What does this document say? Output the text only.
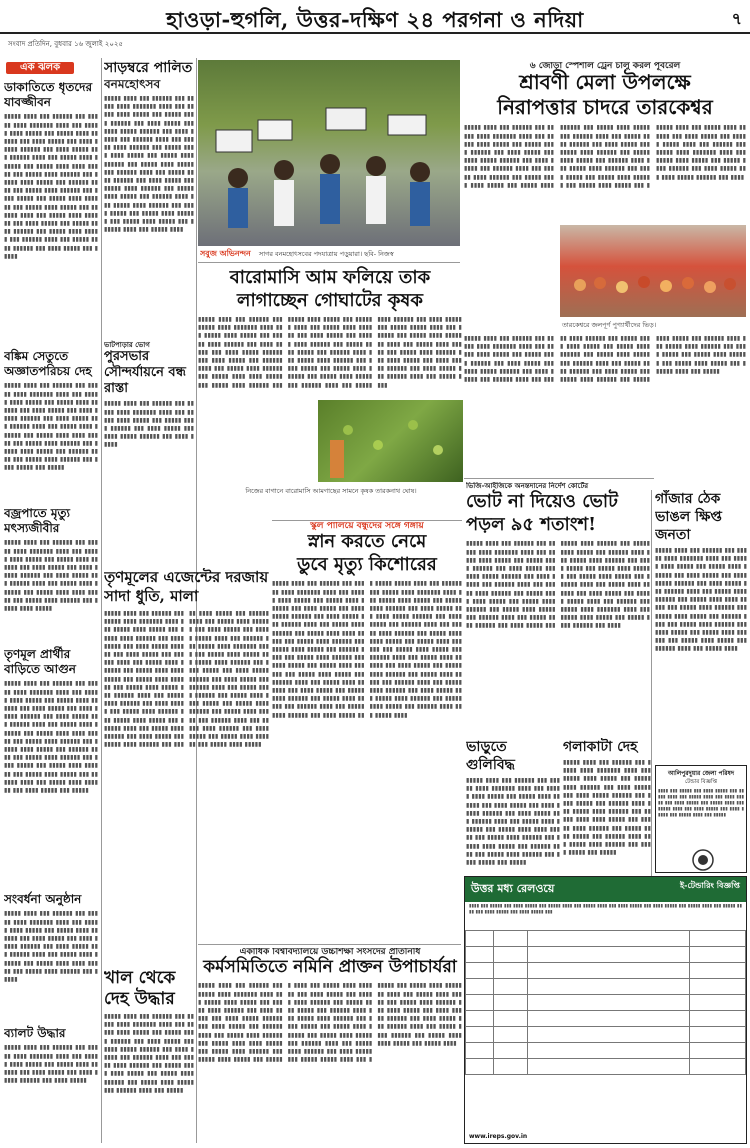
হাওড়া-হুগলি, উত্তর-দক্ষিণ ২৪ পরগনা ও নদিয়া	৭
সংবাদ প্রতিদিন, বুধবার ১৬ জুলাই ২০২৫
এক ঝলক
ডাকাতিতে ধৃতদের যাবজ্জীবন
▮▮▮▮▮ ▮▮▮▮ ▮▮▮ ▮▮▮▮▮▮ ▮▮▮ ▮▮▮▮▮ ▮▮▮▮ ▮▮▮▮▮▮▮ ▮▮▮▮ ▮▮▮ ▮▮▮▮▮ ▮▮▮▮ ▮▮▮▮▮ ▮▮▮ ▮▮▮▮▮ ▮▮▮▮ ▮▮▮▮▮▮ ▮▮▮ ▮▮▮▮ ▮▮▮▮▮ ▮▮▮ ▮▮▮▮ ▮▮▮▮▮ ▮▮▮▮▮▮ ▮▮▮ ▮▮▮▮ ▮▮▮▮▮ ▮▮▮ ▮▮▮▮▮▮ ▮▮▮▮ ▮▮▮ ▮▮▮▮▮ ▮▮▮▮ ▮▮▮▮▮▮ ▮▮▮ ▮▮▮▮▮ ▮▮▮▮ ▮▮▮▮ ▮▮▮▮▮ ▮▮▮ ▮▮▮▮▮ ▮▮▮▮ ▮▮▮▮▮▮ ▮▮▮ ▮▮▮▮▮ ▮▮▮▮ ▮▮▮▮▮ ▮▮▮ ▮▮▮▮▮▮ ▮▮▮▮ ▮▮▮ ▮▮▮▮▮ ▮▮▮▮ ▮▮▮▮▮▮ ▮▮▮ ▮▮▮▮ ▮▮▮▮▮ ▮▮▮ ▮▮▮▮▮ ▮▮▮▮ ▮▮▮▮▮▮ ▮▮▮ ▮▮▮▮▮ ▮▮▮▮ ▮▮▮▮▮ ▮▮▮ ▮▮▮▮▮▮ ▮▮▮▮ ▮▮▮ ▮▮▮▮▮ ▮▮▮▮ ▮▮▮▮▮▮ ▮▮▮ ▮▮▮▮ ▮▮▮▮▮ ▮▮▮ ▮▮▮▮▮ ▮▮▮▮ ▮▮▮▮▮▮ ▮▮▮ ▮▮▮▮▮ ▮▮▮▮ ▮▮▮▮▮ ▮▮▮ ▮▮▮▮▮▮ ▮▮▮▮ ▮▮▮ ▮▮▮▮▮ ▮▮▮▮ ▮▮▮▮▮▮ ▮▮▮ ▮▮▮▮ ▮▮▮▮▮ ▮▮▮ ▮▮▮▮▮
বঙ্কিম সেতুতে অজ্ঞাতপরিচয় দেহ
▮▮▮▮▮ ▮▮▮▮ ▮▮▮ ▮▮▮▮▮▮ ▮▮▮ ▮▮▮▮▮ ▮▮▮▮ ▮▮▮▮▮▮▮ ▮▮▮▮ ▮▮▮ ▮▮▮▮▮ ▮▮▮▮ ▮▮▮▮▮ ▮▮▮ ▮▮▮▮▮ ▮▮▮▮ ▮▮▮▮▮▮ ▮▮▮ ▮▮▮▮ ▮▮▮▮▮ ▮▮▮ ▮▮▮▮ ▮▮▮▮▮ ▮▮▮▮▮▮ ▮▮▮ ▮▮▮▮ ▮▮▮▮▮ ▮▮▮ ▮▮▮▮▮▮ ▮▮▮▮ ▮▮▮ ▮▮▮▮▮ ▮▮▮▮ ▮▮▮▮▮▮ ▮▮▮ ▮▮▮▮▮ ▮▮▮▮ ▮▮▮▮ ▮▮▮▮▮ ▮▮▮ ▮▮▮▮▮ ▮▮▮▮ ▮▮▮▮▮▮ ▮▮▮ ▮▮▮▮▮ ▮▮▮▮ ▮▮▮▮▮ ▮▮▮ ▮▮▮▮▮▮ ▮▮▮▮ ▮▮▮ ▮▮▮▮▮ ▮▮▮▮ ▮▮▮▮▮▮ ▮▮▮ ▮▮▮▮ ▮▮▮▮▮ ▮▮▮ ▮▮▮▮▮
বজ্রপাতে মৃত্যু মৎস্যজীবীর
▮▮▮▮▮ ▮▮▮▮ ▮▮▮ ▮▮▮▮▮▮ ▮▮▮ ▮▮▮▮▮ ▮▮▮▮ ▮▮▮▮▮▮▮ ▮▮▮▮ ▮▮▮ ▮▮▮▮▮ ▮▮▮▮ ▮▮▮▮▮ ▮▮▮ ▮▮▮▮▮ ▮▮▮▮ ▮▮▮▮▮▮ ▮▮▮ ▮▮▮▮ ▮▮▮▮▮ ▮▮▮ ▮▮▮▮ ▮▮▮▮▮ ▮▮▮▮▮▮ ▮▮▮ ▮▮▮▮ ▮▮▮▮▮ ▮▮▮ ▮▮▮▮▮▮ ▮▮▮▮ ▮▮▮ ▮▮▮▮▮ ▮▮▮▮ ▮▮▮▮▮▮ ▮▮▮ ▮▮▮▮▮ ▮▮▮▮ ▮▮▮▮ ▮▮▮▮▮ ▮▮▮ ▮▮▮▮▮ ▮▮▮▮ ▮▮▮▮▮▮ ▮▮▮ ▮▮▮▮▮ ▮▮▮▮ ▮▮▮▮▮
তৃণমূল প্রার্থীর বাড়িতে আগুন
▮▮▮▮▮ ▮▮▮▮ ▮▮▮ ▮▮▮▮▮▮ ▮▮▮ ▮▮▮▮▮ ▮▮▮▮ ▮▮▮▮▮▮▮ ▮▮▮▮ ▮▮▮ ▮▮▮▮▮ ▮▮▮▮ ▮▮▮▮▮ ▮▮▮ ▮▮▮▮▮ ▮▮▮▮ ▮▮▮▮▮▮ ▮▮▮ ▮▮▮▮ ▮▮▮▮▮ ▮▮▮ ▮▮▮▮ ▮▮▮▮▮ ▮▮▮▮▮▮ ▮▮▮ ▮▮▮▮ ▮▮▮▮▮ ▮▮▮ ▮▮▮▮▮▮ ▮▮▮▮ ▮▮▮ ▮▮▮▮▮ ▮▮▮▮ ▮▮▮▮▮▮ ▮▮▮ ▮▮▮▮▮ ▮▮▮▮ ▮▮▮▮ ▮▮▮▮▮ ▮▮▮ ▮▮▮▮▮ ▮▮▮▮ ▮▮▮▮▮▮ ▮▮▮ ▮▮▮▮▮ ▮▮▮▮ ▮▮▮▮▮ ▮▮▮ ▮▮▮▮▮▮ ▮▮▮▮ ▮▮▮ ▮▮▮▮▮ ▮▮▮▮ ▮▮▮▮▮▮ ▮▮▮ ▮▮▮▮ ▮▮▮▮▮ ▮▮▮ ▮▮▮▮▮ ▮▮▮▮ ▮▮▮▮▮▮ ▮▮▮ ▮▮▮▮▮ ▮▮▮▮ ▮▮▮▮▮ ▮▮▮ ▮▮▮▮▮▮ ▮▮▮▮ ▮▮▮ ▮▮▮▮▮ ▮▮▮▮ ▮▮▮▮▮▮ ▮▮▮ ▮▮▮▮ ▮▮▮▮▮ ▮▮▮ ▮▮▮▮▮
সংবর্ধনা অনুষ্ঠান
▮▮▮▮▮ ▮▮▮▮ ▮▮▮ ▮▮▮▮▮▮ ▮▮▮ ▮▮▮▮▮ ▮▮▮▮ ▮▮▮▮▮▮▮ ▮▮▮▮ ▮▮▮ ▮▮▮▮▮ ▮▮▮▮ ▮▮▮▮▮ ▮▮▮ ▮▮▮▮▮ ▮▮▮▮ ▮▮▮▮▮▮ ▮▮▮ ▮▮▮▮ ▮▮▮▮▮ ▮▮▮ ▮▮▮▮ ▮▮▮▮▮ ▮▮▮▮▮▮ ▮▮▮ ▮▮▮▮ ▮▮▮▮▮ ▮▮▮ ▮▮▮▮▮▮ ▮▮▮▮ ▮▮▮ ▮▮▮▮▮ ▮▮▮▮ ▮▮▮▮▮▮ ▮▮▮ ▮▮▮▮▮ ▮▮▮▮ ▮▮▮▮ ▮▮▮▮▮ ▮▮▮ ▮▮▮▮▮ ▮▮▮▮ ▮▮▮▮▮▮ ▮▮▮ ▮▮▮▮▮
ব্যালট উদ্ধার
▮▮▮▮▮ ▮▮▮▮ ▮▮▮ ▮▮▮▮▮▮ ▮▮▮ ▮▮▮▮▮ ▮▮▮▮ ▮▮▮▮▮▮▮ ▮▮▮▮ ▮▮▮ ▮▮▮▮▮ ▮▮▮▮ ▮▮▮▮▮ ▮▮▮ ▮▮▮▮▮ ▮▮▮▮ ▮▮▮▮▮▮ ▮▮▮ ▮▮▮▮ ▮▮▮▮▮ ▮▮▮ ▮▮▮▮ ▮▮▮▮▮ ▮▮▮▮▮▮ ▮▮▮ ▮▮▮▮ ▮▮▮▮▮
সাড়ম্বরে পালিত
বনমহোৎসব
▮▮▮▮▮ ▮▮▮▮ ▮▮▮ ▮▮▮▮▮▮ ▮▮▮ ▮▮▮▮▮ ▮▮▮▮ ▮▮▮▮▮▮▮ ▮▮▮▮ ▮▮▮ ▮▮▮▮▮ ▮▮▮▮ ▮▮▮▮▮ ▮▮▮ ▮▮▮▮▮ ▮▮▮▮ ▮▮▮▮▮▮ ▮▮▮ ▮▮▮▮ ▮▮▮▮▮ ▮▮▮ ▮▮▮▮ ▮▮▮▮▮ ▮▮▮▮▮▮ ▮▮▮ ▮▮▮▮ ▮▮▮▮▮ ▮▮▮ ▮▮▮▮▮▮ ▮▮▮▮ ▮▮▮ ▮▮▮▮▮ ▮▮▮▮ ▮▮▮▮▮▮ ▮▮▮ ▮▮▮▮▮ ▮▮▮▮ ▮▮▮▮ ▮▮▮▮▮ ▮▮▮ ▮▮▮▮▮ ▮▮▮▮ ▮▮▮▮▮▮ ▮▮▮ ▮▮▮▮▮ ▮▮▮▮ ▮▮▮▮▮ ▮▮▮ ▮▮▮▮▮▮ ▮▮▮▮ ▮▮▮ ▮▮▮▮▮ ▮▮▮▮ ▮▮▮▮▮▮ ▮▮▮ ▮▮▮▮ ▮▮▮▮▮ ▮▮▮ ▮▮▮▮▮ ▮▮▮▮ ▮▮▮▮▮▮ ▮▮▮ ▮▮▮▮▮ ▮▮▮▮ ▮▮▮▮▮ ▮▮▮ ▮▮▮▮▮▮ ▮▮▮▮ ▮▮▮ ▮▮▮▮▮ ▮▮▮▮ ▮▮▮▮▮▮ ▮▮▮ ▮▮▮▮ ▮▮▮▮▮ ▮▮▮ ▮▮▮▮▮ ▮▮▮▮ ▮▮▮▮▮▮ ▮▮▮ ▮▮▮▮▮ ▮▮▮▮ ▮▮▮▮▮ ▮▮▮ ▮▮▮▮▮▮ ▮▮▮▮ ▮▮▮ ▮▮▮▮▮ ▮▮▮▮
ভাটপাড়ার ভোগ
পুরসভার সৌন্দর্যায়নে বন্ধ রাস্তা
▮▮▮▮▮ ▮▮▮▮ ▮▮▮ ▮▮▮▮▮▮ ▮▮▮ ▮▮▮▮▮ ▮▮▮▮ ▮▮▮▮▮▮▮ ▮▮▮▮ ▮▮▮ ▮▮▮▮▮ ▮▮▮▮ ▮▮▮▮▮ ▮▮▮ ▮▮▮▮▮ ▮▮▮▮ ▮▮▮▮▮▮ ▮▮▮ ▮▮▮▮ ▮▮▮▮▮ ▮▮▮ ▮▮▮▮ ▮▮▮▮▮ ▮▮▮▮▮▮ ▮▮▮ ▮▮▮▮ ▮▮▮▮▮
তৃণমূলের এজেন্টের দরজায় সাদা ধুতি, মালা
▮▮▮▮▮ ▮▮▮▮ ▮▮▮ ▮▮▮▮▮▮ ▮▮▮ ▮▮▮▮▮ ▮▮▮▮ ▮▮▮▮▮▮▮ ▮▮▮▮ ▮▮▮ ▮▮▮▮▮ ▮▮▮▮ ▮▮▮▮▮ ▮▮▮ ▮▮▮▮▮ ▮▮▮▮ ▮▮▮▮▮▮ ▮▮▮ ▮▮▮▮ ▮▮▮▮▮ ▮▮▮ ▮▮▮▮ ▮▮▮▮▮ ▮▮▮▮▮▮ ▮▮▮ ▮▮▮▮ ▮▮▮▮▮ ▮▮▮ ▮▮▮▮▮▮ ▮▮▮▮ ▮▮▮ ▮▮▮▮▮ ▮▮▮▮ ▮▮▮▮▮▮ ▮▮▮ ▮▮▮▮▮ ▮▮▮▮ ▮▮▮▮ ▮▮▮▮▮ ▮▮▮ ▮▮▮▮▮ ▮▮▮▮ ▮▮▮▮▮▮ ▮▮▮ ▮▮▮▮▮ ▮▮▮▮ ▮▮▮▮▮ ▮▮▮ ▮▮▮▮▮▮ ▮▮▮▮ ▮▮▮ ▮▮▮▮▮ ▮▮▮▮ ▮▮▮▮▮▮ ▮▮▮ ▮▮▮▮ ▮▮▮▮▮ ▮▮▮ ▮▮▮▮▮ ▮▮▮▮ ▮▮▮▮▮▮ ▮▮▮ ▮▮▮▮▮ ▮▮▮▮ ▮▮▮▮▮ ▮▮▮ ▮▮▮▮▮▮ ▮▮▮▮ ▮▮▮ ▮▮▮▮▮ ▮▮▮▮ ▮▮▮▮▮▮ ▮▮▮ ▮▮▮▮ ▮▮▮▮▮ ▮▮▮ ▮▮▮▮▮ ▮▮▮▮ ▮▮▮▮▮▮ ▮▮▮ ▮▮▮▮▮ ▮▮▮▮ ▮▮▮▮▮ ▮▮▮ ▮▮▮▮▮▮ ▮▮▮▮ ▮▮▮ ▮▮▮▮▮ ▮▮▮▮ ▮▮▮▮▮▮ ▮▮▮ ▮▮▮▮ ▮▮▮▮▮ ▮▮▮ ▮▮▮▮▮ ▮▮▮▮▮ ▮▮▮▮ ▮▮▮ ▮▮▮▮▮▮ ▮▮▮ ▮▮▮▮▮ ▮▮▮▮ ▮▮▮▮▮▮▮ ▮▮▮▮ ▮▮▮ ▮▮▮▮▮ ▮▮▮▮ ▮▮▮▮▮ ▮▮▮ ▮▮▮▮▮ ▮▮▮▮ ▮▮▮▮▮▮ ▮▮▮ ▮▮▮▮ ▮▮▮▮▮ ▮▮▮ ▮▮▮▮ ▮▮▮▮▮ ▮▮▮▮▮▮ ▮▮▮ ▮▮▮▮ ▮▮▮▮▮ ▮▮▮ ▮▮▮▮▮▮ ▮▮▮▮ ▮▮▮ ▮▮▮▮▮ ▮▮▮▮ ▮▮▮▮▮▮ ▮▮▮ ▮▮▮▮▮ ▮▮▮▮ ▮▮▮▮ ▮▮▮▮▮ ▮▮▮ ▮▮▮▮▮ ▮▮▮▮ ▮▮▮▮▮▮ ▮▮▮ ▮▮▮▮▮ ▮▮▮▮ ▮▮▮▮▮ ▮▮▮ ▮▮▮▮▮▮ ▮▮▮▮ ▮▮▮ ▮▮▮▮▮ ▮▮▮▮ ▮▮▮▮▮▮ ▮▮▮ ▮▮▮▮ ▮▮▮▮▮ ▮▮▮ ▮▮▮▮▮ ▮▮▮▮ ▮▮▮▮▮▮ ▮▮▮ ▮▮▮▮▮ ▮▮▮▮ ▮▮▮▮▮
খাল থেকে দেহ উদ্ধার
▮▮▮▮▮ ▮▮▮▮ ▮▮▮ ▮▮▮▮▮▮ ▮▮▮ ▮▮▮▮▮ ▮▮▮▮ ▮▮▮▮▮▮▮ ▮▮▮▮ ▮▮▮ ▮▮▮▮▮ ▮▮▮▮ ▮▮▮▮▮ ▮▮▮ ▮▮▮▮▮ ▮▮▮▮ ▮▮▮▮▮▮ ▮▮▮ ▮▮▮▮ ▮▮▮▮▮ ▮▮▮ ▮▮▮▮ ▮▮▮▮▮ ▮▮▮▮▮▮ ▮▮▮ ▮▮▮▮ ▮▮▮▮▮ ▮▮▮ ▮▮▮▮▮▮ ▮▮▮▮ ▮▮▮ ▮▮▮▮▮ ▮▮▮▮ ▮▮▮▮▮▮ ▮▮▮ ▮▮▮▮▮ ▮▮▮▮ ▮▮▮▮ ▮▮▮▮▮ ▮▮▮ ▮▮▮▮▮ ▮▮▮▮ ▮▮▮▮▮▮ ▮▮▮ ▮▮▮▮▮ ▮▮▮▮ ▮▮▮▮▮ ▮▮▮ ▮▮▮▮▮▮ ▮▮▮▮ ▮▮▮ ▮▮▮▮▮
সবুজ অভিনন্দন সাগর বনমহোৎসবের পদযাত্রায় পড়ুয়ারা। ছবি- নিজস্ব
৬ জোড়া স্পেশাল ট্রেন চালু করল পূর্বরেল
শ্রাবণী মেলা উপলক্ষে
নিরাপত্তার চাদরে তারকেশ্বর
▮▮▮▮▮ ▮▮▮▮ ▮▮▮ ▮▮▮▮▮▮ ▮▮▮ ▮▮▮▮▮ ▮▮▮▮ ▮▮▮▮▮▮▮ ▮▮▮▮ ▮▮▮ ▮▮▮▮▮ ▮▮▮▮ ▮▮▮▮▮ ▮▮▮ ▮▮▮▮▮ ▮▮▮▮ ▮▮▮▮▮▮ ▮▮▮ ▮▮▮▮ ▮▮▮▮▮ ▮▮▮ ▮▮▮▮ ▮▮▮▮▮ ▮▮▮▮▮▮ ▮▮▮ ▮▮▮▮ ▮▮▮▮▮ ▮▮▮ ▮▮▮▮▮▮ ▮▮▮▮ ▮▮▮ ▮▮▮▮▮ ▮▮▮▮ ▮▮▮▮▮▮ ▮▮▮ ▮▮▮▮▮ ▮▮▮▮ ▮▮▮▮ ▮▮▮▮▮ ▮▮▮ ▮▮▮▮▮ ▮▮▮▮ ▮▮▮▮▮▮ ▮▮▮ ▮▮▮▮▮ ▮▮▮▮ ▮▮▮▮▮ ▮▮▮ ▮▮▮▮▮▮ ▮▮▮▮ ▮▮▮ ▮▮▮▮▮ ▮▮▮▮ ▮▮▮▮▮▮ ▮▮▮ ▮▮▮▮ ▮▮▮▮▮ ▮▮▮ ▮▮▮▮▮ ▮▮▮▮ ▮▮▮▮▮▮ ▮▮▮ ▮▮▮▮▮ ▮▮▮▮ ▮▮▮▮▮ ▮▮▮ ▮▮▮▮▮▮ ▮▮▮▮ ▮▮▮ ▮▮▮▮▮ ▮▮▮▮ ▮▮▮▮▮▮ ▮▮▮ ▮▮▮▮ ▮▮▮▮▮ ▮▮▮ ▮▮▮▮▮ ▮▮▮▮ ▮▮▮▮▮▮ ▮▮▮ ▮▮▮▮▮ ▮▮▮▮ ▮▮▮▮▮ ▮▮▮ ▮▮▮▮▮▮ ▮▮▮▮ ▮▮▮ ▮▮▮▮▮ ▮▮▮▮ ▮▮▮▮▮▮ ▮▮▮ ▮▮▮▮ ▮▮▮▮▮ ▮▮▮ ▮▮▮▮▮ ▮▮▮▮▮ ▮▮▮▮ ▮▮▮ ▮▮▮▮▮▮ ▮▮▮ ▮▮▮▮▮ ▮▮▮▮ ▮▮▮▮▮▮▮ ▮▮▮▮ ▮▮▮ ▮▮▮▮▮ ▮▮▮▮ ▮▮▮▮▮ ▮▮▮ ▮▮▮▮▮ ▮▮▮▮ ▮▮▮▮▮▮ ▮▮▮ ▮▮▮▮ ▮▮▮▮▮ ▮▮▮ ▮▮▮▮ ▮▮▮▮▮ ▮▮▮▮▮▮ ▮▮▮ ▮▮▮▮
তারকেশ্বরে জলপূর্ণ পুণ্যার্থীদের ভিড়।
▮▮▮▮▮ ▮▮▮▮ ▮▮▮ ▮▮▮▮▮▮ ▮▮▮ ▮▮▮▮▮ ▮▮▮▮ ▮▮▮▮▮▮▮ ▮▮▮▮ ▮▮▮ ▮▮▮▮▮ ▮▮▮▮ ▮▮▮▮▮ ▮▮▮ ▮▮▮▮▮ ▮▮▮▮ ▮▮▮▮▮▮ ▮▮▮ ▮▮▮▮ ▮▮▮▮▮ ▮▮▮ ▮▮▮▮ ▮▮▮▮▮ ▮▮▮▮▮▮ ▮▮▮ ▮▮▮▮ ▮▮▮▮▮ ▮▮▮ ▮▮▮▮▮▮ ▮▮▮▮ ▮▮▮ ▮▮▮▮▮ ▮▮▮▮ ▮▮▮▮▮▮ ▮▮▮ ▮▮▮▮▮ ▮▮▮▮ ▮▮▮▮ ▮▮▮▮▮ ▮▮▮ ▮▮▮▮▮ ▮▮▮▮ ▮▮▮▮▮▮ ▮▮▮ ▮▮▮▮▮ ▮▮▮▮ ▮▮▮▮▮ ▮▮▮ ▮▮▮▮▮▮ ▮▮▮▮ ▮▮▮ ▮▮▮▮▮ ▮▮▮▮ ▮▮▮▮▮▮ ▮▮▮ ▮▮▮▮ ▮▮▮▮▮ ▮▮▮ ▮▮▮▮▮ ▮▮▮▮ ▮▮▮▮▮▮ ▮▮▮ ▮▮▮▮▮ ▮▮▮▮ ▮▮▮▮▮ ▮▮▮ ▮▮▮▮▮▮ ▮▮▮▮ ▮▮▮ ▮▮▮▮▮ ▮▮▮▮ ▮▮▮▮▮▮ ▮▮▮ ▮▮▮▮ ▮▮▮▮▮ ▮▮▮ ▮▮▮▮▮ ▮▮▮▮ ▮▮▮▮▮▮ ▮▮▮ ▮▮▮▮▮ ▮▮▮▮ ▮▮▮▮▮ ▮▮▮ ▮▮▮▮▮▮ ▮▮▮▮ ▮▮▮ ▮▮▮▮▮
বারোমাসি আম ফলিয়ে তাক
লাগাচ্ছেন গোঘাটের কৃষক
▮▮▮▮▮ ▮▮▮▮ ▮▮▮ ▮▮▮▮▮▮ ▮▮▮ ▮▮▮▮▮ ▮▮▮▮ ▮▮▮▮▮▮▮ ▮▮▮▮ ▮▮▮ ▮▮▮▮▮ ▮▮▮▮ ▮▮▮▮▮ ▮▮▮ ▮▮▮▮▮ ▮▮▮▮ ▮▮▮▮▮▮ ▮▮▮ ▮▮▮▮ ▮▮▮▮▮ ▮▮▮ ▮▮▮▮ ▮▮▮▮▮ ▮▮▮▮▮▮ ▮▮▮ ▮▮▮▮ ▮▮▮▮▮ ▮▮▮ ▮▮▮▮▮▮ ▮▮▮▮ ▮▮▮ ▮▮▮▮▮ ▮▮▮▮ ▮▮▮▮▮▮ ▮▮▮ ▮▮▮▮▮ ▮▮▮▮ ▮▮▮▮ ▮▮▮▮▮ ▮▮▮ ▮▮▮▮▮ ▮▮▮▮ ▮▮▮▮▮▮ ▮▮▮ ▮▮▮▮▮ ▮▮▮▮ ▮▮▮▮▮ ▮▮▮ ▮▮▮▮▮▮ ▮▮▮▮ ▮▮▮ ▮▮▮▮▮ ▮▮▮▮ ▮▮▮▮▮▮ ▮▮▮ ▮▮▮▮ ▮▮▮▮▮ ▮▮▮ ▮▮▮▮▮ ▮▮▮▮ ▮▮▮▮▮▮ ▮▮▮ ▮▮▮▮▮ ▮▮▮▮ ▮▮▮▮▮ ▮▮▮ ▮▮▮▮▮▮ ▮▮▮▮ ▮▮▮ ▮▮▮▮▮ ▮▮▮▮ ▮▮▮▮▮▮ ▮▮▮ ▮▮▮▮ ▮▮▮▮▮ ▮▮▮ ▮▮▮▮▮ ▮▮▮▮ ▮▮▮▮▮▮ ▮▮▮ ▮▮▮▮▮ ▮▮▮▮ ▮▮▮▮▮ ▮▮▮ ▮▮▮▮▮▮ ▮▮▮▮ ▮▮▮ ▮▮▮▮▮ ▮▮▮▮ ▮▮▮▮▮▮ ▮▮▮ ▮▮▮▮ ▮▮▮▮▮ ▮▮▮ ▮▮▮▮▮ ▮▮▮▮▮ ▮▮▮▮ ▮▮▮ ▮▮▮▮▮▮ ▮▮▮ ▮▮▮▮▮ ▮▮▮▮ ▮▮▮▮▮▮▮ ▮▮▮▮ ▮▮▮ ▮▮▮▮▮ ▮▮▮▮ ▮▮▮▮▮ ▮▮▮ ▮▮▮▮▮ ▮▮▮▮ ▮▮▮▮▮▮ ▮▮▮ ▮▮▮▮ ▮▮▮▮▮ ▮▮▮ ▮▮▮▮ ▮▮▮▮▮ ▮▮▮▮▮▮ ▮▮▮ ▮▮▮▮ ▮▮▮▮▮ ▮▮▮ ▮▮▮▮▮▮ ▮▮▮▮ ▮▮▮ ▮▮▮▮▮ ▮▮▮▮
নিজের বাগানে বারোমাসি আমগাছের সামনে কৃষক তারকনাথ ঘোষ।
ভিজি-আইজিকে অনন্তদানের নির্দেশ কোর্টের
ভোট না দিয়েও ভোট
পড়ল ৯৫ শতাংশ!
▮▮▮▮▮ ▮▮▮▮ ▮▮▮ ▮▮▮▮▮▮ ▮▮▮ ▮▮▮▮▮ ▮▮▮▮ ▮▮▮▮▮▮▮ ▮▮▮▮ ▮▮▮ ▮▮▮▮▮ ▮▮▮▮ ▮▮▮▮▮ ▮▮▮ ▮▮▮▮▮ ▮▮▮▮ ▮▮▮▮▮▮ ▮▮▮ ▮▮▮▮ ▮▮▮▮▮ ▮▮▮ ▮▮▮▮ ▮▮▮▮▮ ▮▮▮▮▮▮ ▮▮▮ ▮▮▮▮ ▮▮▮▮▮ ▮▮▮ ▮▮▮▮▮▮ ▮▮▮▮ ▮▮▮ ▮▮▮▮▮ ▮▮▮▮ ▮▮▮▮▮▮ ▮▮▮ ▮▮▮▮▮ ▮▮▮▮ ▮▮▮▮ ▮▮▮▮▮ ▮▮▮ ▮▮▮▮▮ ▮▮▮▮ ▮▮▮▮▮▮ ▮▮▮ ▮▮▮▮▮ ▮▮▮▮ ▮▮▮▮▮ ▮▮▮ ▮▮▮▮▮▮ ▮▮▮▮ ▮▮▮ ▮▮▮▮▮ ▮▮▮▮ ▮▮▮▮▮▮ ▮▮▮ ▮▮▮▮ ▮▮▮▮▮ ▮▮▮ ▮▮▮▮▮ ▮▮▮▮ ▮▮▮▮▮▮ ▮▮▮ ▮▮▮▮▮ ▮▮▮▮ ▮▮▮▮▮ ▮▮▮ ▮▮▮▮▮▮ ▮▮▮▮ ▮▮▮ ▮▮▮▮▮ ▮▮▮▮ ▮▮▮▮▮▮ ▮▮▮ ▮▮▮▮ ▮▮▮▮▮ ▮▮▮ ▮▮▮▮▮ ▮▮▮▮ ▮▮▮▮▮▮ ▮▮▮ ▮▮▮▮▮ ▮▮▮▮ ▮▮▮▮▮ ▮▮▮ ▮▮▮▮▮▮ ▮▮▮▮ ▮▮▮ ▮▮▮▮▮ ▮▮▮▮ ▮▮▮▮▮▮ ▮▮▮ ▮▮▮▮ ▮▮▮▮▮ ▮▮▮ ▮▮▮▮▮ ▮▮▮▮▮ ▮▮▮▮ ▮▮▮ ▮▮▮▮▮▮ ▮▮▮ ▮▮▮▮▮ ▮▮▮▮ ▮▮▮▮▮▮▮ ▮▮▮▮ ▮▮▮ ▮▮▮▮▮ ▮▮▮▮ ▮▮▮▮▮ ▮▮▮ ▮▮▮▮▮ ▮▮▮▮ ▮▮▮▮▮▮ ▮▮▮ ▮▮▮▮
গাঁজার ঠেক ভাঙল ক্ষিপ্ত জনতা
▮▮▮▮▮ ▮▮▮▮ ▮▮▮ ▮▮▮▮▮▮ ▮▮▮ ▮▮▮▮▮ ▮▮▮▮ ▮▮▮▮▮▮▮ ▮▮▮▮ ▮▮▮ ▮▮▮▮▮ ▮▮▮▮ ▮▮▮▮▮ ▮▮▮ ▮▮▮▮▮ ▮▮▮▮ ▮▮▮▮▮▮ ▮▮▮ ▮▮▮▮ ▮▮▮▮▮ ▮▮▮ ▮▮▮▮ ▮▮▮▮▮ ▮▮▮▮▮▮ ▮▮▮ ▮▮▮▮ ▮▮▮▮▮ ▮▮▮ ▮▮▮▮▮▮ ▮▮▮▮ ▮▮▮ ▮▮▮▮▮ ▮▮▮▮ ▮▮▮▮▮▮ ▮▮▮ ▮▮▮▮▮ ▮▮▮▮ ▮▮▮▮ ▮▮▮▮▮ ▮▮▮ ▮▮▮▮▮ ▮▮▮▮ ▮▮▮▮▮▮ ▮▮▮ ▮▮▮▮▮ ▮▮▮▮ ▮▮▮▮▮ ▮▮▮ ▮▮▮▮▮▮ ▮▮▮▮ ▮▮▮ ▮▮▮▮▮ ▮▮▮▮ ▮▮▮▮▮▮ ▮▮▮ ▮▮▮▮ ▮▮▮▮▮ ▮▮▮ ▮▮▮▮▮ ▮▮▮▮ ▮▮▮▮▮▮ ▮▮▮ ▮▮▮▮▮ ▮▮▮▮ ▮▮▮▮▮ ▮▮▮ ▮▮▮▮▮▮ ▮▮▮▮ ▮▮▮ ▮▮▮▮▮ ▮▮▮▮
আলিপুরদুয়ার জেলা পরিষদ
টেন্ডার বিজ্ঞপ্তি
▮▮▮▮ ▮▮▮ ▮▮▮▮▮ ▮▮▮ ▮▮▮▮ ▮▮▮▮▮ ▮▮▮ ▮▮▮▮▮ ▮▮▮▮ ▮▮▮ ▮▮▮▮▮ ▮▮▮▮ ▮▮▮ ▮▮▮▮ ▮▮▮▮▮ ▮▮▮ ▮▮▮▮ ▮▮▮▮▮ ▮▮▮ ▮▮▮▮▮ ▮▮▮▮ ▮▮▮ ▮▮▮▮▮ ▮▮▮▮ ▮▮▮ ▮▮▮▮ ▮▮▮▮▮ ▮▮▮ ▮▮▮▮ ▮▮▮▮▮ ▮▮▮ ▮▮▮▮▮ ▮▮▮▮ ▮▮▮ ▮▮▮▮▮
স্কুল পালিয়ে বন্ধুদের সঙ্গে গঙ্গায়
স্নান করতে নেমে
ডুবে মৃত্যু কিশোরের
▮▮▮▮▮ ▮▮▮▮ ▮▮▮ ▮▮▮▮▮▮ ▮▮▮ ▮▮▮▮▮ ▮▮▮▮ ▮▮▮▮▮▮▮ ▮▮▮▮ ▮▮▮ ▮▮▮▮▮ ▮▮▮▮ ▮▮▮▮▮ ▮▮▮ ▮▮▮▮▮ ▮▮▮▮ ▮▮▮▮▮▮ ▮▮▮ ▮▮▮▮ ▮▮▮▮▮ ▮▮▮ ▮▮▮▮ ▮▮▮▮▮ ▮▮▮▮▮▮ ▮▮▮ ▮▮▮▮ ▮▮▮▮▮ ▮▮▮ ▮▮▮▮▮▮ ▮▮▮▮ ▮▮▮ ▮▮▮▮▮ ▮▮▮▮ ▮▮▮▮▮▮ ▮▮▮ ▮▮▮▮▮ ▮▮▮▮ ▮▮▮▮ ▮▮▮▮▮ ▮▮▮ ▮▮▮▮▮ ▮▮▮▮ ▮▮▮▮▮▮ ▮▮▮ ▮▮▮▮▮ ▮▮▮▮ ▮▮▮▮▮ ▮▮▮ ▮▮▮▮▮▮ ▮▮▮▮ ▮▮▮ ▮▮▮▮▮ ▮▮▮▮ ▮▮▮▮▮▮ ▮▮▮ ▮▮▮▮ ▮▮▮▮▮ ▮▮▮ ▮▮▮▮▮ ▮▮▮▮ ▮▮▮▮▮▮ ▮▮▮ ▮▮▮▮▮ ▮▮▮▮ ▮▮▮▮▮ ▮▮▮ ▮▮▮▮▮▮ ▮▮▮▮ ▮▮▮ ▮▮▮▮▮ ▮▮▮▮ ▮▮▮▮▮▮ ▮▮▮ ▮▮▮▮ ▮▮▮▮▮ ▮▮▮ ▮▮▮▮▮ ▮▮▮▮ ▮▮▮▮▮▮ ▮▮▮ ▮▮▮▮▮ ▮▮▮▮ ▮▮▮▮▮ ▮▮▮ ▮▮▮▮▮▮ ▮▮▮▮ ▮▮▮ ▮▮▮▮▮ ▮▮▮▮ ▮▮▮▮▮▮ ▮▮▮ ▮▮▮▮ ▮▮▮▮▮ ▮▮▮ ▮▮▮▮▮ ▮▮▮▮▮ ▮▮▮▮ ▮▮▮ ▮▮▮▮▮▮ ▮▮▮ ▮▮▮▮▮ ▮▮▮▮ ▮▮▮▮▮▮▮ ▮▮▮▮ ▮▮▮ ▮▮▮▮▮ ▮▮▮▮ ▮▮▮▮▮ ▮▮▮ ▮▮▮▮▮ ▮▮▮▮ ▮▮▮▮▮▮ ▮▮▮ ▮▮▮▮ ▮▮▮▮▮ ▮▮▮ ▮▮▮▮ ▮▮▮▮▮ ▮▮▮▮▮▮ ▮▮▮ ▮▮▮▮ ▮▮▮▮▮ ▮▮▮ ▮▮▮▮▮▮ ▮▮▮▮ ▮▮▮ ▮▮▮▮▮ ▮▮▮▮ ▮▮▮▮▮▮ ▮▮▮ ▮▮▮▮▮ ▮▮▮▮ ▮▮▮▮ ▮▮▮▮▮ ▮▮▮ ▮▮▮▮▮ ▮▮▮▮ ▮▮▮▮▮▮ ▮▮▮ ▮▮▮▮▮ ▮▮▮▮ ▮▮▮▮▮ ▮▮▮ ▮▮▮▮▮▮ ▮▮▮▮ ▮▮▮ ▮▮▮▮▮ ▮▮▮▮ ▮▮▮▮▮▮ ▮▮▮ ▮▮▮▮ ▮▮▮▮▮ ▮▮▮ ▮▮▮▮▮ ▮▮▮▮ ▮▮▮▮▮▮ ▮▮▮ ▮▮▮▮▮ ▮▮▮▮ ▮▮▮▮▮ ▮▮▮ ▮▮▮▮▮▮ ▮▮▮▮ ▮▮▮ ▮▮▮▮▮ ▮▮▮▮ ▮▮▮▮▮▮ ▮▮▮ ▮▮▮▮ ▮▮▮▮▮ ▮▮▮ ▮▮▮▮▮ ▮▮▮▮ ▮▮▮▮▮▮ ▮▮▮ ▮▮▮▮▮ ▮▮▮▮ ▮▮▮▮▮ ▮▮▮ ▮▮▮▮▮▮ ▮▮▮▮ ▮▮▮ ▮▮▮▮▮ ▮▮▮▮
ভাড়ুতে গুলিবিদ্ধ
▮▮▮▮▮ ▮▮▮▮ ▮▮▮ ▮▮▮▮▮▮ ▮▮▮ ▮▮▮▮▮ ▮▮▮▮ ▮▮▮▮▮▮▮ ▮▮▮▮ ▮▮▮ ▮▮▮▮▮ ▮▮▮▮ ▮▮▮▮▮ ▮▮▮ ▮▮▮▮▮ ▮▮▮▮ ▮▮▮▮▮▮ ▮▮▮ ▮▮▮▮ ▮▮▮▮▮ ▮▮▮ ▮▮▮▮ ▮▮▮▮▮ ▮▮▮▮▮▮ ▮▮▮ ▮▮▮▮ ▮▮▮▮▮ ▮▮▮ ▮▮▮▮▮▮ ▮▮▮▮ ▮▮▮ ▮▮▮▮▮ ▮▮▮▮ ▮▮▮▮▮▮ ▮▮▮ ▮▮▮▮▮ ▮▮▮▮ ▮▮▮▮ ▮▮▮▮▮ ▮▮▮ ▮▮▮▮▮ ▮▮▮▮ ▮▮▮▮▮▮ ▮▮▮ ▮▮▮▮▮ ▮▮▮▮ ▮▮▮▮▮ ▮▮▮ ▮▮▮▮▮▮ ▮▮▮▮ ▮▮▮ ▮▮▮▮▮ ▮▮▮▮ ▮▮▮▮▮▮ ▮▮▮ ▮▮▮▮ ▮▮▮▮▮ ▮▮▮ ▮▮▮▮▮
গলাকাটা দেহ
▮▮▮▮▮ ▮▮▮▮ ▮▮▮ ▮▮▮▮▮▮ ▮▮▮ ▮▮▮▮▮ ▮▮▮▮ ▮▮▮▮▮▮▮ ▮▮▮▮ ▮▮▮ ▮▮▮▮▮ ▮▮▮▮ ▮▮▮▮▮ ▮▮▮ ▮▮▮▮▮ ▮▮▮▮ ▮▮▮▮▮▮ ▮▮▮ ▮▮▮▮ ▮▮▮▮▮ ▮▮▮ ▮▮▮▮ ▮▮▮▮▮ ▮▮▮▮▮▮ ▮▮▮ ▮▮▮▮ ▮▮▮▮▮ ▮▮▮ ▮▮▮▮▮▮ ▮▮▮▮ ▮▮▮ ▮▮▮▮▮ ▮▮▮▮ ▮▮▮▮▮▮ ▮▮▮ ▮▮▮▮▮ ▮▮▮▮ ▮▮▮▮ ▮▮▮▮▮ ▮▮▮ ▮▮▮▮▮ ▮▮▮▮ ▮▮▮▮▮▮ ▮▮▮ ▮▮▮▮▮ ▮▮▮▮ ▮▮▮▮▮ ▮▮▮ ▮▮▮▮▮▮ ▮▮▮▮ ▮▮▮ ▮▮▮▮▮ ▮▮▮▮ ▮▮▮▮▮▮ ▮▮▮ ▮▮▮▮ ▮▮▮▮▮ ▮▮▮ ▮▮▮▮▮
একাধিক বিশ্ববিদ্যালয়ে উচ্চশিক্ষা সংসদের প্রতিনিধি
কর্মসমিতিতে নমিনি প্রাক্তন উপাচার্যরা
▮▮▮▮▮ ▮▮▮▮ ▮▮▮ ▮▮▮▮▮▮ ▮▮▮ ▮▮▮▮▮ ▮▮▮▮ ▮▮▮▮▮▮▮ ▮▮▮▮ ▮▮▮ ▮▮▮▮▮ ▮▮▮▮ ▮▮▮▮▮ ▮▮▮ ▮▮▮▮▮ ▮▮▮▮ ▮▮▮▮▮▮ ▮▮▮ ▮▮▮▮ ▮▮▮▮▮ ▮▮▮ ▮▮▮▮ ▮▮▮▮▮ ▮▮▮▮▮▮ ▮▮▮ ▮▮▮▮ ▮▮▮▮▮ ▮▮▮ ▮▮▮▮▮▮ ▮▮▮▮ ▮▮▮ ▮▮▮▮▮ ▮▮▮▮ ▮▮▮▮▮▮ ▮▮▮ ▮▮▮▮▮ ▮▮▮▮ ▮▮▮▮ ▮▮▮▮▮ ▮▮▮ ▮▮▮▮▮ ▮▮▮▮ ▮▮▮▮▮▮ ▮▮▮ ▮▮▮▮▮ ▮▮▮▮ ▮▮▮▮▮ ▮▮▮ ▮▮▮▮▮▮ ▮▮▮▮ ▮▮▮ ▮▮▮▮▮ ▮▮▮▮ ▮▮▮▮▮▮ ▮▮▮ ▮▮▮▮ ▮▮▮▮▮ ▮▮▮ ▮▮▮▮▮ ▮▮▮▮ ▮▮▮▮▮▮ ▮▮▮ ▮▮▮▮▮ ▮▮▮▮ ▮▮▮▮▮ ▮▮▮ ▮▮▮▮▮▮ ▮▮▮▮ ▮▮▮ ▮▮▮▮▮ ▮▮▮▮ ▮▮▮▮▮▮ ▮▮▮ ▮▮▮▮ ▮▮▮▮▮ ▮▮▮ ▮▮▮▮▮ ▮▮▮▮ ▮▮▮▮▮▮ ▮▮▮ ▮▮▮▮▮ ▮▮▮▮ ▮▮▮▮▮ ▮▮▮ ▮▮▮▮▮▮ ▮▮▮▮ ▮▮▮ ▮▮▮▮▮ ▮▮▮▮ ▮▮▮▮▮▮ ▮▮▮ ▮▮▮▮ ▮▮▮▮▮ ▮▮▮ ▮▮▮▮▮ ▮▮▮▮▮ ▮▮▮▮ ▮▮▮ ▮▮▮▮▮▮ ▮▮▮ ▮▮▮▮▮ ▮▮▮▮ ▮▮▮▮▮▮▮ ▮▮▮▮ ▮▮▮ ▮▮▮▮▮ ▮▮▮▮ ▮▮▮▮▮ ▮▮▮ ▮▮▮▮▮ ▮▮▮▮ ▮▮▮▮▮▮ ▮▮▮ ▮▮▮▮ ▮▮▮▮▮ ▮▮▮ ▮▮▮▮ ▮▮▮▮▮ ▮▮▮▮▮▮ ▮▮▮ ▮▮▮▮ ▮▮▮▮▮ ▮▮▮ ▮▮▮▮▮▮ ▮▮▮▮ ▮▮▮ ▮▮▮▮▮ ▮▮▮▮ ▮▮▮▮▮▮ ▮▮▮ ▮▮▮▮▮ ▮▮▮▮ ▮▮▮▮ ▮▮▮▮▮ ▮▮▮ ▮▮▮▮▮ ▮▮▮▮
উত্তর মধ্য রেলওয়ে	ই-টেন্ডারিং বিজ্ঞপ্তি
▮▮▮▮ ▮▮▮ ▮▮▮▮▮ ▮▮▮ ▮▮▮▮ ▮▮▮▮▮ ▮▮▮ ▮▮▮▮▮ ▮▮▮▮ ▮▮▮ ▮▮▮▮▮ ▮▮▮▮ ▮▮▮ ▮▮▮▮ ▮▮▮▮▮ ▮▮▮ ▮▮▮▮ ▮▮▮▮▮ ▮▮▮ ▮▮▮▮▮ ▮▮▮▮ ▮▮▮ ▮▮▮▮▮ ▮▮▮▮ ▮▮▮ ▮▮▮▮ ▮▮▮▮▮ ▮▮▮ ▮▮▮▮ ▮▮▮▮▮ ▮▮▮

www.ireps.gov.in
